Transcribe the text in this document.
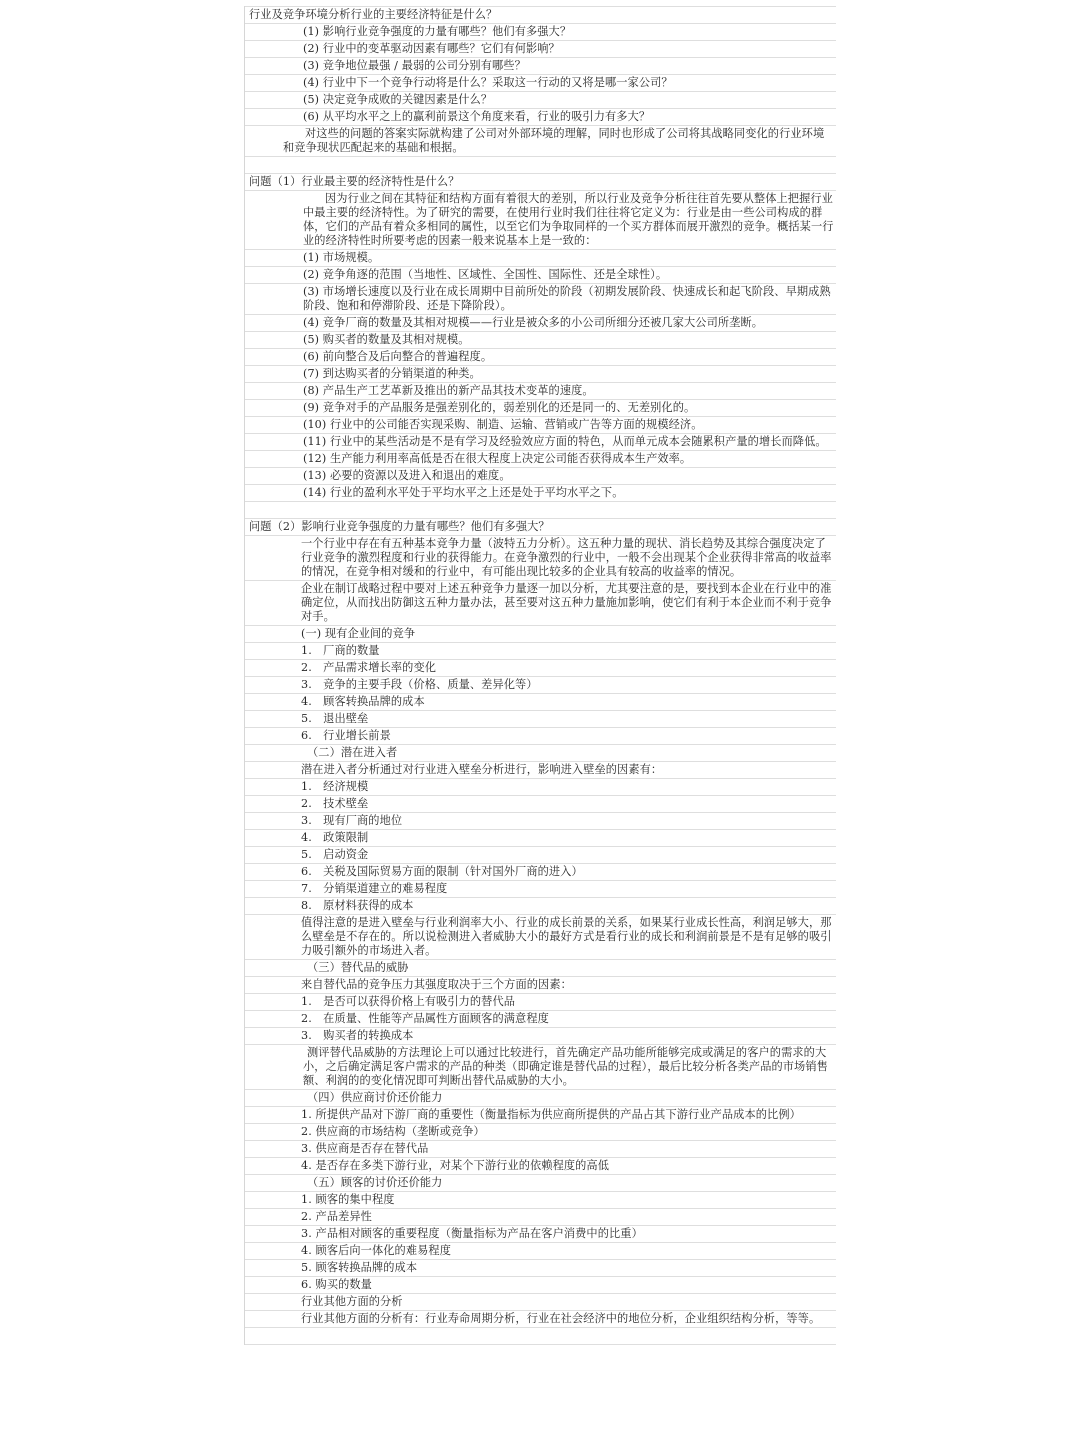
行业及竞争环境分析行业的主要经济特征是什么？
(1) 影响行业竞争强度的力量有哪些？他们有多强大？
(2) 行业中的变革驱动因素有哪些？它们有何影响？
(3) 竞争地位最强 / 最弱的公司分别有哪些？
(4) 行业中下一个竞争行动将是什么？采取这一行动的又将是哪一家公司？
(5) 决定竞争成败的关键因素是什么？
(6) 从平均水平之上的赢利前景这个角度来看，行业的吸引力有多大？
对这些的问题的答案实际就构建了公司对外部环境的理解，同时也形成了公司将其战略同变化的行业环境和竞争现状匹配起来的基础和根据。
问题（1）行业最主要的经济特性是什么？
因为行业之间在其特征和结构方面有着很大的差别，所以行业及竞争分析往往首先要从整体上把握行业中最主要的经济特性。为了研究的需要，在使用行业时我们往往将它定义为：行业是由一些公司构成的群体，它们的产品有着众多相同的属性，以至它们为争取同样的一个买方群体而展开激烈的竞争。概括某一行业的经济特性时所要考虑的因素一般来说基本上是一致的：
(1) 市场规模。
(2) 竞争角逐的范围（当地性、区域性、全国性、国际性、还是全球性）。
(3) 市场增长速度以及行业在成长周期中目前所处的阶段（初期发展阶段、快速成长和起飞阶段、早期成熟阶段、饱和和停滞阶段、还是下降阶段）。
(4) 竞争厂商的数量及其相对规模——行业是被众多的小公司所细分还被几家大公司所垄断。
(5) 购买者的数量及其相对规模。
(6) 前向整合及后向整合的普遍程度。
(7) 到达购买者的分销渠道的种类。
(8) 产品生产工艺革新及推出的新产品其技术变革的速度。
(9) 竞争对手的产品服务是强差别化的，弱差别化的还是同一的、无差别化的。
(10) 行业中的公司能否实现采购、制造、运输、营销或广告等方面的规模经济。
(11) 行业中的某些活动是不是有学习及经验效应方面的特色，从而单元成本会随累积产量的增长而降低。
(12) 生产能力利用率高低是否在很大程度上决定公司能否获得成本生产效率。
(13) 必要的资源以及进入和退出的难度。
(14) 行业的盈利水平处于平均水平之上还是处于平均水平之下。
问题（2）影响行业竞争强度的力量有哪些？他们有多强大？
一个行业中存在有五种基本竞争力量（波特五力分析）。这五种力量的现状、消长趋势及其综合强度决定了行业竞争的激烈程度和行业的获得能力。在竞争激烈的行业中，一般不会出现某个企业获得非常高的收益率的情况，在竞争相对缓和的行业中，有可能出现比较多的企业具有较高的收益率的情况。
企业在制订战略过程中要对上述五种竞争力量逐一加以分析，尤其要注意的是，要找到本企业在行业中的准确定位，从而找出防御这五种力量办法，甚至要对这五种力量施加影响，使它们有利于本企业而不利于竞争对手。
(一) 现有企业间的竞争
1.　厂商的数量
2.　产品需求增长率的变化
3.　竞争的主要手段（价格、质量、差异化等）
4.　顾客转换品牌的成本
5.　退出壁垒
6.　行业增长前景
（二）潜在进入者
潜在进入者分析通过对行业进入壁垒分析进行，影响进入壁垒的因素有：
1.　经济规模
2.　技术壁垒
3.　现有厂商的地位
4.　政策限制
5.　启动资金
6.　关税及国际贸易方面的限制（针对国外厂商的进入）
7.　分销渠道建立的难易程度
8.　原材料获得的成本
值得注意的是进入壁垒与行业利润率大小、行业的成长前景的关系，如果某行业成长性高，利润足够大，那么壁垒是不存在的。所以说检测进入者威胁大小的最好方式是看行业的成长和利润前景是不是有足够的吸引力吸引额外的市场进入者。
（三）替代品的威胁
来自替代品的竞争压力其强度取决于三个方面的因素：
1.　是否可以获得价格上有吸引力的替代品
2.　在质量、性能等产品属性方面顾客的满意程度
3.　购买者的转换成本
测评替代品威胁的方法理论上可以通过比较进行，首先确定产品功能所能够完成或满足的客户的需求的大小，之后确定满足客户需求的产品的种类（即确定谁是替代品的过程），最后比较分析各类产品的市场销售额、利润的的变化情况即可判断出替代品威胁的大小。
（四）供应商讨价还价能力
1. 所提供产品对下游厂商的重要性（衡量指标为供应商所提供的产品占其下游行业产品成本的比例）
2. 供应商的市场结构（垄断或竞争）
3. 供应商是否存在替代品
4. 是否存在多类下游行业，对某个下游行业的依赖程度的高低
（五）顾客的讨价还价能力
1. 顾客的集中程度
2. 产品差异性
3. 产品相对顾客的重要程度（衡量指标为产品在客户消费中的比重）
4. 顾客后向一体化的难易程度
5. 顾客转换品牌的成本
6. 购买的数量
行业其他方面的分析
行业其他方面的分析有：行业寿命周期分析，行业在社会经济中的地位分析，企业组织结构分析，等等。
